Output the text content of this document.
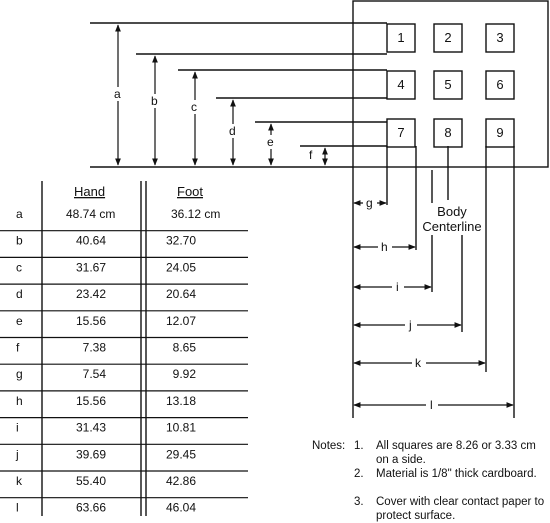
1	2	3
4	5	6
7	8	9
a	b	c
d
e
f
g
h
i
j
k
l
Body
Centerline
Hand	Foot
a	48.74 cm	36.12 cm
b	40.64	32.70
c	31.67	24.05
d	23.42	20.64
e	15.56	12.07
f	7.38	8.65
g	7.54	9.92
h	15.56	13.18
i	31.43	10.81
j	39.69	29.45
k	55.40	42.86
l	63.66	46.04
Notes: 1. All squares are 8.26 or 3.33 cm on a side.
2. Material is 1/8" thick cardboard.
3. Cover with clear contact paper to protect surface.
